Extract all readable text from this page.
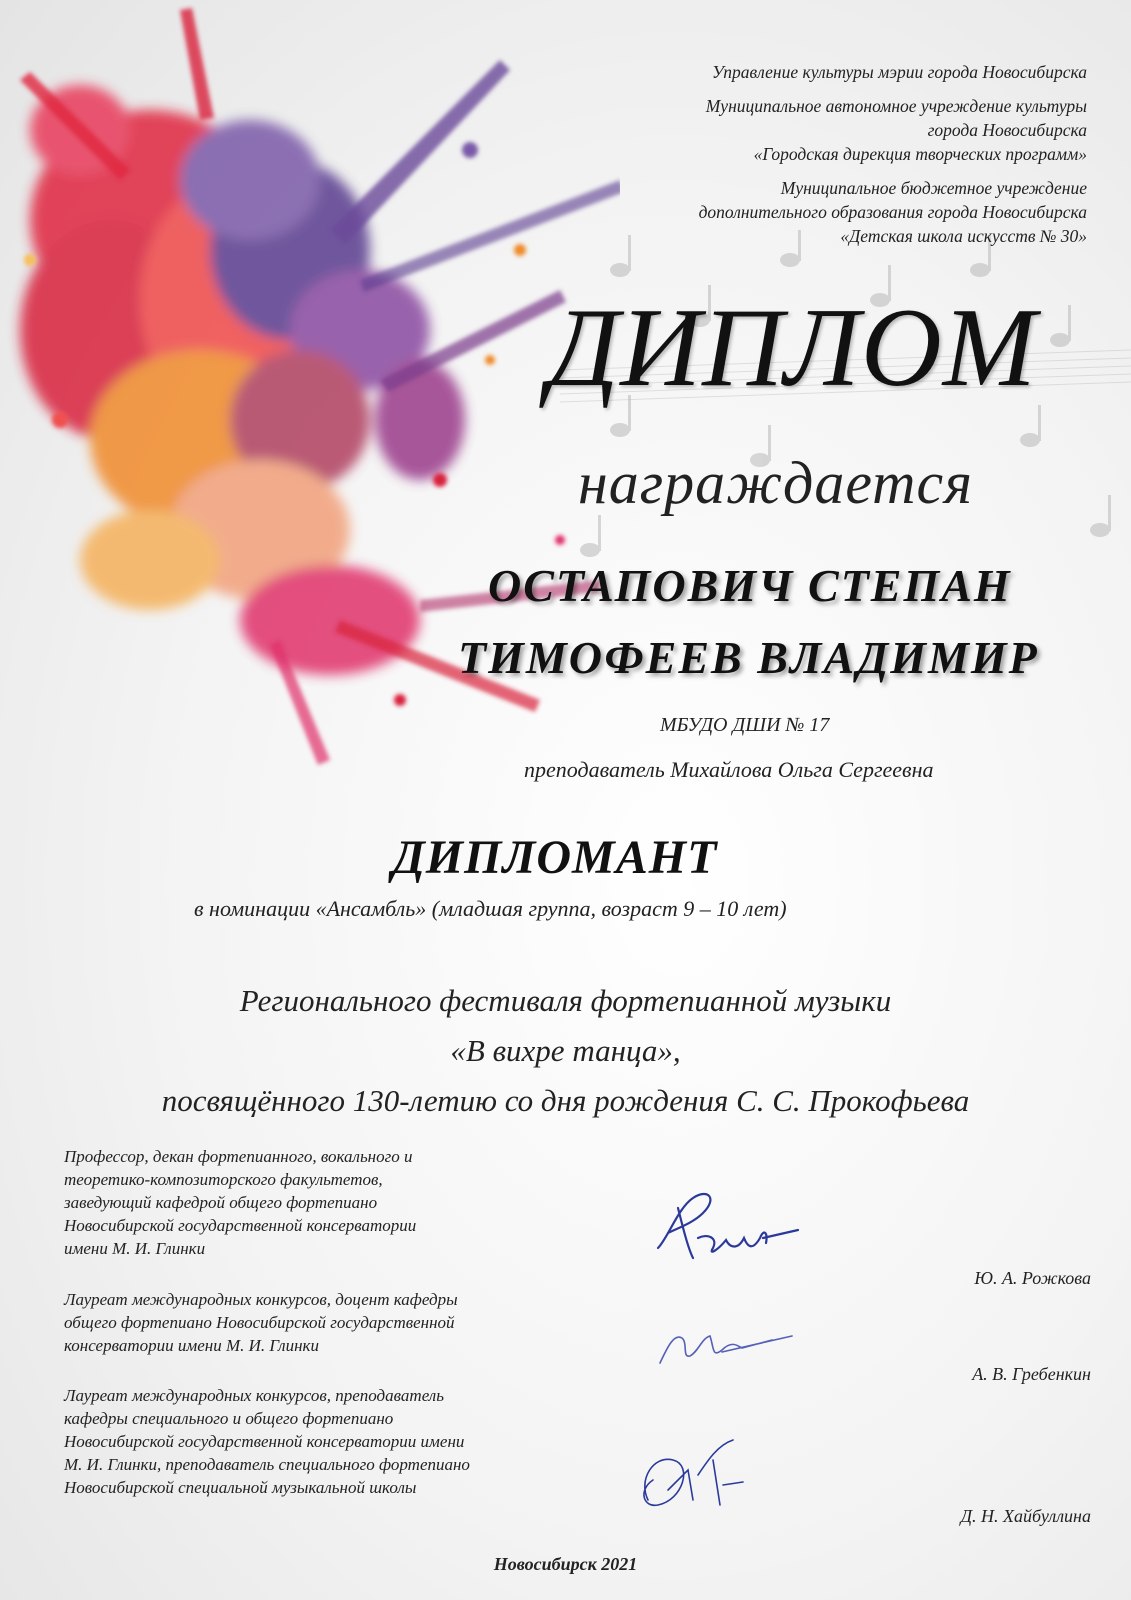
Управление культуры мэрии города Новосибирска
Муниципальное автономное учреждение культуры
города Новосибирска
«Городская дирекция творческих программ»
Муниципальное бюджетное учреждение
дополнительного образования города Новосибирска
«Детская школа искусств № 30»
ДИПЛОМ
награждается
ОСТАПОВИЧ СТЕПАН
ТИМОФЕЕВ ВЛАДИМИР
МБУДО ДШИ № 17
преподаватель Михайлова Ольга Сергеевна
ДИПЛОМАНТ
в номинации «Ансамбль» (младшая группа, возраст 9 – 10 лет)
Регионального фестиваля фортепианной музыки
«В вихре танца»,
посвящённого 130-летию со дня рождения С. С. Прокофьева
Профессор, декан фортепианного, вокального и
теоретико-композиторского факультетов,
заведующий кафедрой общего фортепиано
Новосибирской государственной консерватории
имени М. И. Глинки
Ю. А. Рожкова
Лауреат международных конкурсов, доцент кафедры
общего фортепиано Новосибирской государственной
консерватории имени М. И. Глинки
А. В. Гребенкин
Лауреат международных конкурсов, преподаватель
кафедры специального и общего фортепиано
Новосибирской государственной консерватории имени
М. И. Глинки, преподаватель специального фортепиано
Новосибирской специальной музыкальной школы
Д. Н. Хайбуллина
Новосибирск 2021
